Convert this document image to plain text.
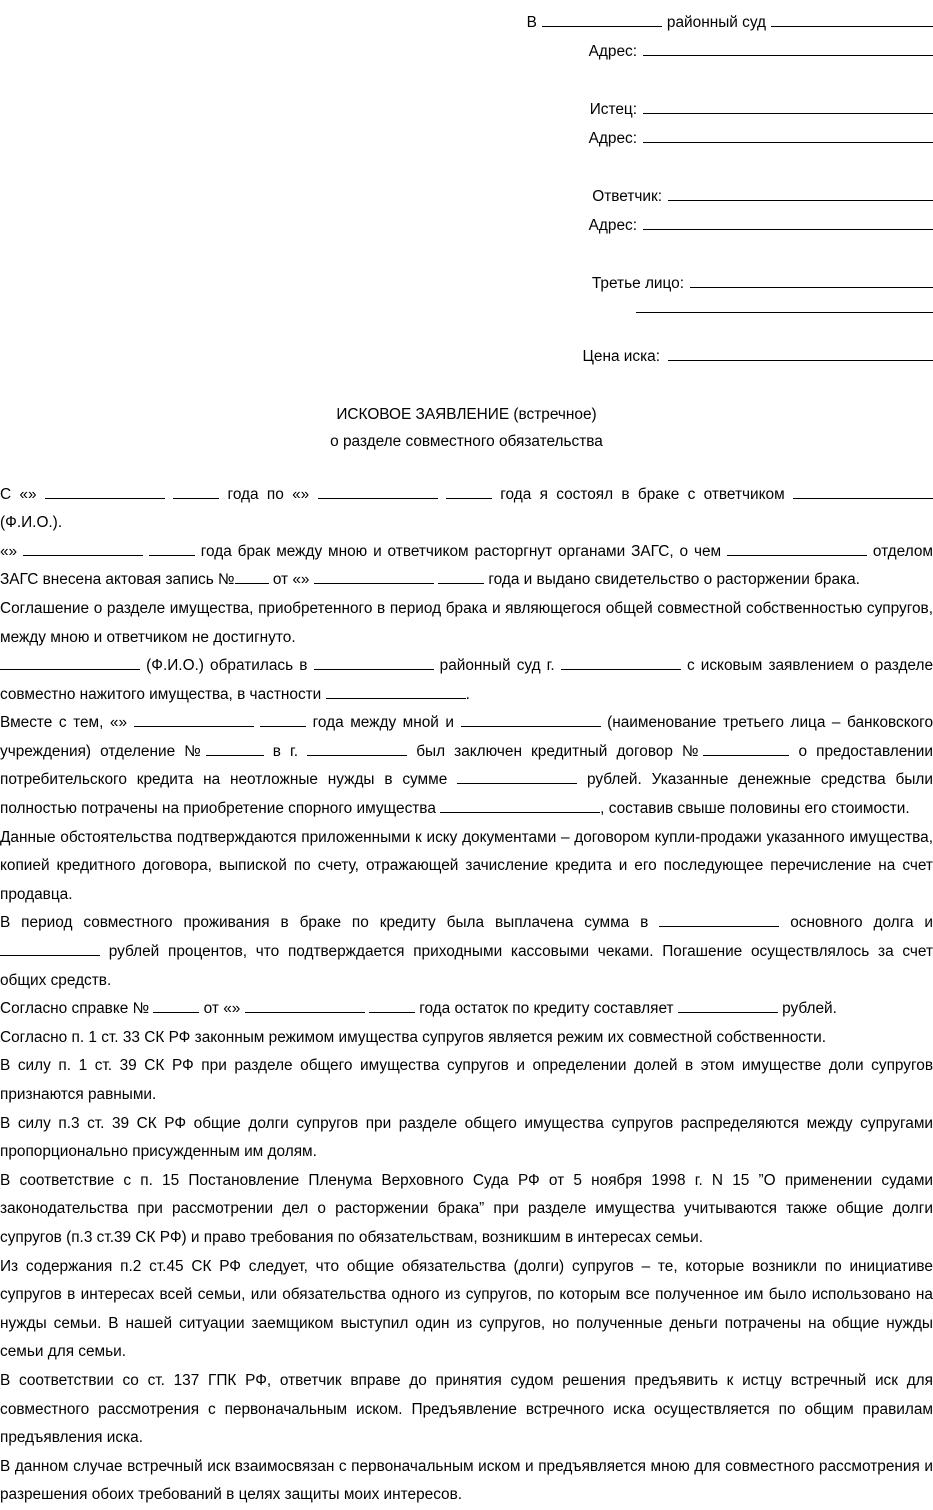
В	районный суд
Адрес:
Истец:
Адрес:
Ответчик:
Адрес:
Третье лицо:
Цена иска:
ИСКОВОЕ ЗАЯВЛЕНИЕ (встречное)
о разделе совместного обязательства

С «»	года по «»	года я состоял в браке с ответчиком  (Ф.И.О.).

«»	года брак между мною и ответчиком расторгнут органами ЗАГС, о чем	отделом ЗАГС внесена актовая запись № от «»	года и выдано свидетельство о расторжении брака.

Соглашение о разделе имущества, приобретенного в период брака и являющегося общей совместной собственностью супругов, между мною и ответчиком не достигнуто.

(Ф.И.О.) обратилась в	районный суд г.	с исковым заявлением о разделе совместно нажитого имущества, в частности	.

Вместе с тем, «»	года между мной и	(наименование третьего лица – банковского учреждения) отделение №	в г.	был заключен кредитный договор №	о предоставлении потребительского кредита на неотложные нужды в сумме	рублей. Указанные денежные средства были полностью потрачены на приобретение спорного имущества	, составив свыше половины его стоимости.

Данные обстоятельства подтверждаются приложенными к иску документами – договором купли-продажи указанного имущества, копией кредитного договора, выпиской по счету, отражающей зачисление кредита и его последующее перечисление на счет продавца.

В период совместного проживания в браке по кредиту была выплачена сумма в	основного долга и  рублей процентов, что подтверждается приходными кассовыми чеками. Погашение осуществлялось за счет общих средств.

Согласно справке №	от «»	года остаток по кредиту составляет	рублей.

Согласно п. 1 ст. 33 СК РФ законным режимом имущества супругов является режим их совместной собственности.

В силу п. 1 ст. 39 СК РФ при разделе общего имущества супругов и определении долей в этом имуществе доли супругов признаются равными.

В силу п.3 ст. 39 СК РФ общие долги супругов при разделе общего имущества супругов распределяются между супругами пропорционально присужденным им долям.

В соответствие с п. 15 Постановление Пленума Верховного Суда РФ от 5 ноября 1998 г. N 15 ”О применении судами законодательства при рассмотрении дел о расторжении брака” при разделе имущества учитываются также общие долги супругов (п.3 ст.39 СК РФ) и право требования по обязательствам, возникшим в интересах семьи.

Из содержания п.2 ст.45 СК РФ следует, что общие обязательства (долги) супругов – те, которые возникли по инициативе супругов в интересах всей семьи, или обязательства одного из супругов, по которым все полученное им было использовано на нужды семьи. В нашей ситуации заемщиком выступил один из супругов, но полученные деньги потрачены на общие нужды семьи для семьи.

В соответствии со ст. 137 ГПК РФ, ответчик вправе до принятия судом решения предъявить к истцу встречный иск для совместного рассмотрения с первоначальным иском. Предъявление встречного иска осуществляется по общим правилам предъявления иска.

В данном случае встречный иск взаимосвязан с первоначальным иском и предъявляется мною для совместного рассмотрения и разрешения обоих требований в целях защиты моих интересов.
